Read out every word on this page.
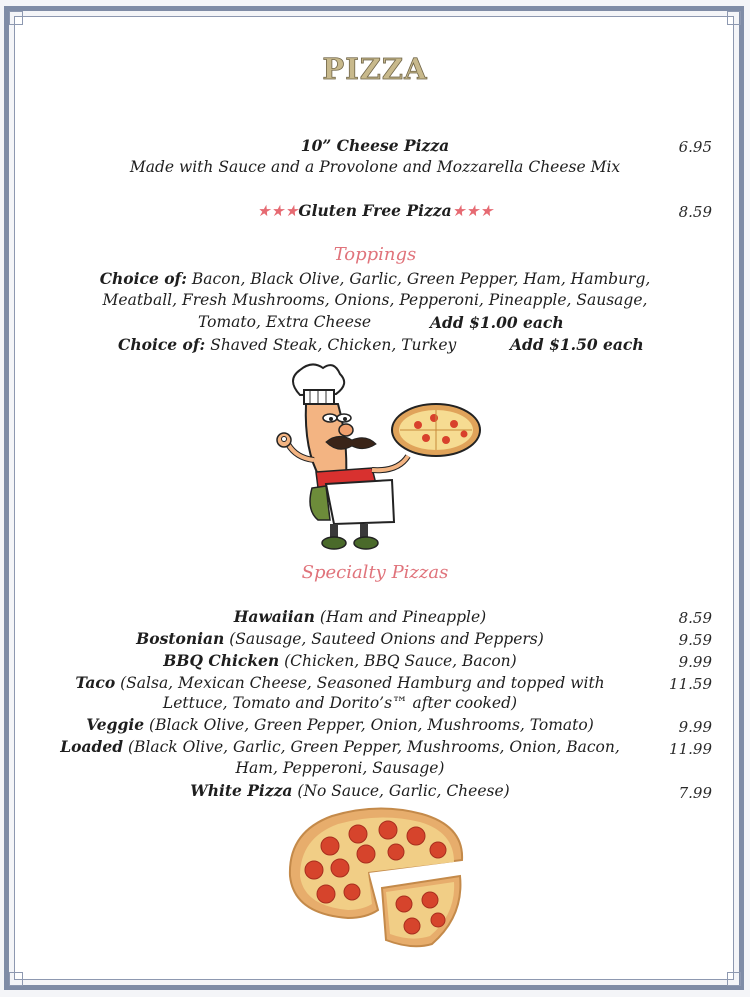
PIZZA
10” Cheese Pizza	6.95
Made with Sauce and a Provolone and Mozzarella Cheese Mix
★★★Gluten Free Pizza★★★	8.59
Toppings
Choice of: Bacon, Black Olive, Garlic, Green Pepper, Ham, Hamburg,
Meatball, Fresh Mushrooms, Onions, Pepperoni, Pineapple, Sausage,
Tomato, Extra Cheese	Add $1.00 each
Choice of: Shaved Steak, Chicken, Turkey	Add $1.50 each
Specialty Pizzas
Hawaiian (Ham and Pineapple)	8.59
Bostonian (Sausage, Sauteed Onions and Peppers)	9.59
BBQ Chicken (Chicken, BBQ Sauce, Bacon)	9.99
Taco (Salsa, Mexican Cheese, Seasoned Hamburg and topped with	11.59
Lettuce, Tomato and Dorito’s™ after cooked)
Veggie (Black Olive, Green Pepper, Onion, Mushrooms, Tomato)	9.99
Loaded (Black Olive, Garlic, Green Pepper, Mushrooms, Onion, Bacon,	11.99
Ham, Pepperoni, Sausage)
White Pizza (No Sauce, Garlic, Cheese)	7.99
